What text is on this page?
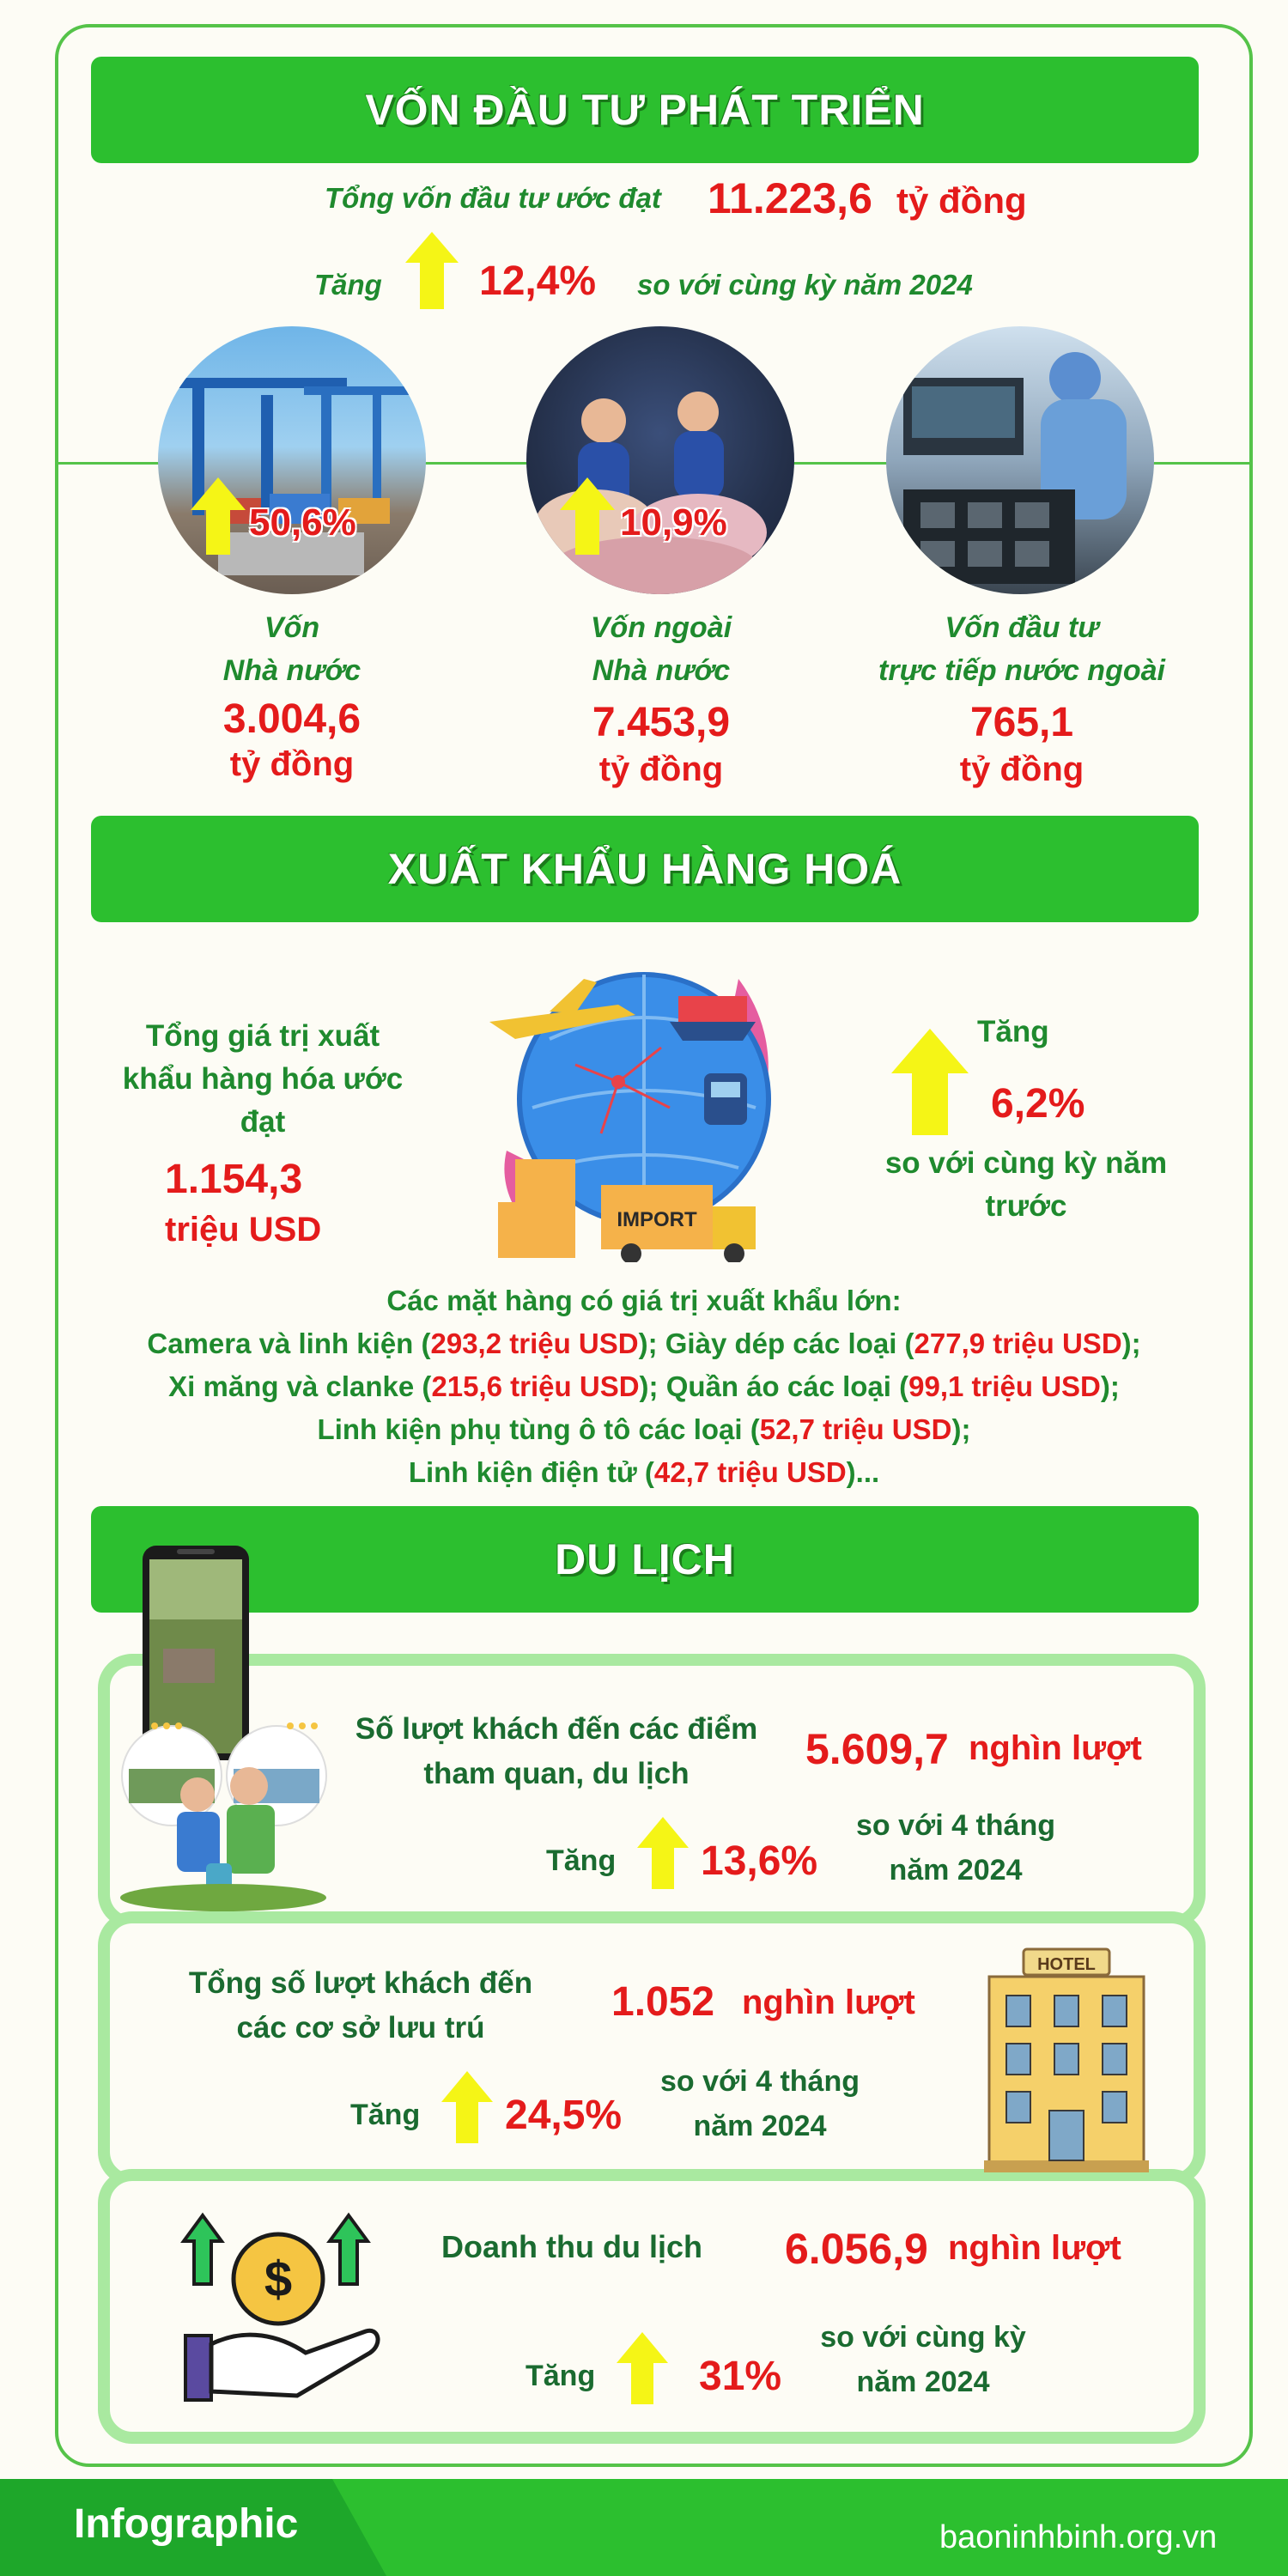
VỐN ĐẦU TƯ PHÁT TRIỂN
Tổng vốn đầu tư ước đạt 11.223,6 tỷ đồng
Tăng 12,4% so với cùng kỳ năm 2024
50,6%	10,9%
Vốn
Nhà nước
3.004,6
tỷ đồng
Vốn ngoài
Nhà nước
7.453,9
tỷ đồng
Vốn đầu tư
trực tiếp nước ngoài
765,1
tỷ đồng
XUẤT KHẨU HÀNG HOÁ
Tổng giá trị xuất
khẩu hàng hóa ước
đạt
1.154,3
triệu USD	IMPORT
Tăng
6,2%
so với cùng kỳ năm
trước
Các mặt hàng có giá trị xuất khẩu lớn:
Camera và linh kiện (293,2 triệu USD); Giày dép các loại (277,9 triệu USD);
Xi măng và clanke (215,6 triệu USD); Quần áo các loại (99,1 triệu USD);
Linh kiện phụ tùng ô tô các loại (52,7 triệu USD);
Linh kiện điện tử (42,7 triệu USD)...
DU LỊCH
Số lượt khách đến các điểm
tham quan, du lịch
5.609,7 nghìn lượt
Tăng 13,6%
so với 4 tháng
năm 2024
Tổng số lượt khách đến
các cơ sở lưu trú
1.052 nghìn lượt
Tăng 24,5%
so với 4 tháng
năm 2024
HOTEL
$
Doanh thu du lịch 6.056,9 nghìn lượt
Tăng	31%
so với cùng kỳ
năm 2024
Infographic	baoninhbinh.org.vn
